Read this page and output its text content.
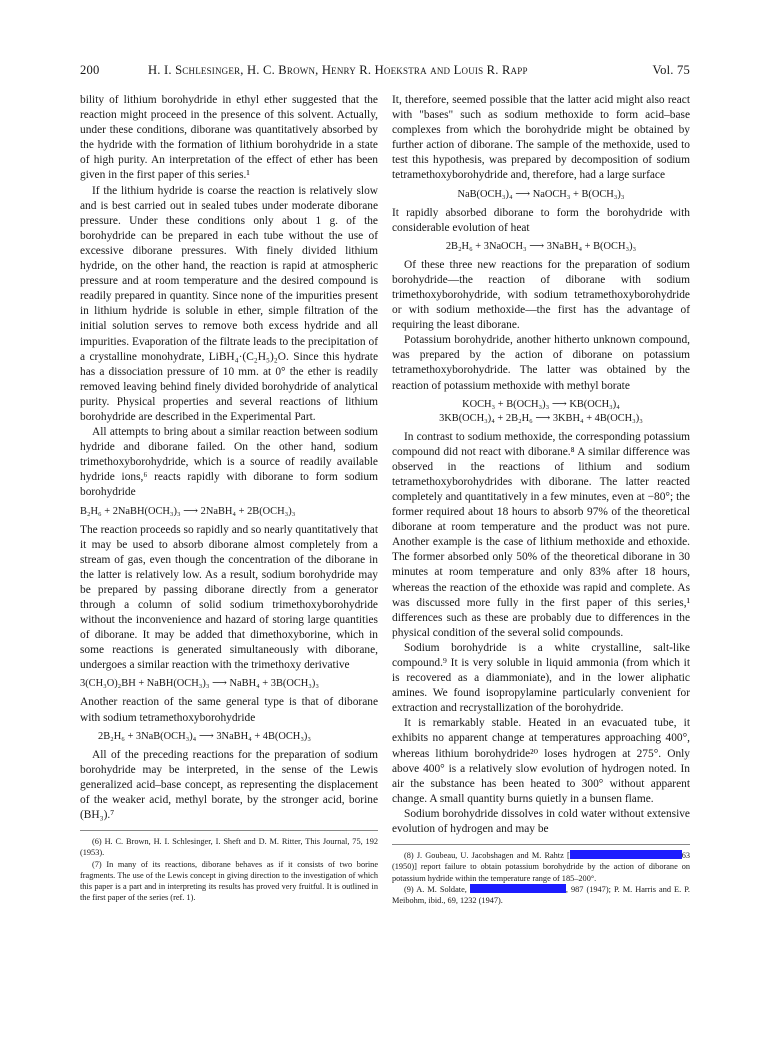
200	H. I. Schlesinger, H. C. Brown, Henry R. Hoekstra and Louis R. Rapp	Vol. 75

bility of lithium borohydride in ethyl ether suggested that the reaction might proceed in the presence of this solvent. Actually, under these conditions, diborane was quantitatively absorbed by the hydride with the formation of lithium borohydride in a state of high purity. An interpretation of the effect of ether has been given in the first paper of this series.¹

If the lithium hydride is coarse the reaction is relatively slow and is best carried out in sealed tubes under moderate diborane pressure. Under these conditions only about 1 g. of the borohydride can be prepared in each tube without the use of excessive diborane pressures. With finely divided lithium hydride, on the other hand, the reaction is rapid at atmospheric pressure and at room temperature and the desired compound is readily prepared in quantity. Since none of the impurities present in lithium hydride is soluble in ether, simple filtration of the initial solution serves to remove both excess hydride and all impurities. Evaporation of the filtrate leads to the precipitation of a crystalline monohydrate, LiBH₄·(C₂H₅)₂O. Since this hydrate has a dissociation pressure of 10 mm. at 0° the ether is readily removed leaving behind finely divided borohydride of analytical purity. Physical properties and several reactions of lithium borohydride are described in the Experimental Part.

All attempts to bring about a similar reaction between sodium hydride and diborane failed. On the other hand, sodium trimethoxyborohydride, which is a source of readily available hydride ions,⁶ reacts rapidly with diborane to form sodium borohydride

B₂H₆ + 2NaBH(OCH₃)₃ ⟶ 2NaBH₄ + 2B(OCH₃)₃

The reaction proceeds so rapidly and so nearly quantitatively that it may be used to absorb diborane almost completely from a stream of gas, even though the concentration of the diborane in the latter is relatively low. As a result, sodium borohydride may be prepared by passing diborane directly from a generator through a column of solid sodium trimethoxyborohydride without the inconvenience and hazard of storing large quantities of diborane. It may be added that dimethoxyborine, which in some reactions is generated simultaneously with diborane, undergoes a similar reaction with the trimethoxy derivative

3(CH₃O)₂BH + NaBH(OCH₃)₃ ⟶ NaBH₄ + 3B(OCH₃)₃

Another reaction of the same general type is that of diborane with sodium tetramethoxyborohydride

2B₂H₆ + 3NaB(OCH₃)₄ ⟶ 3NaBH₄ + 4B(OCH₃)₃

All of the preceding reactions for the preparation of sodium borohydride may be interpreted, in the sense of the Lewis generalized acid–base concept, as representing the displacement of the weaker acid, methyl borate, by the stronger acid, borine (BH₃).⁷

(6) H. C. Brown, H. I. Schlesinger, I. Sheft and D. M. Ritter, This Journal, 75, 192 (1953).

(7) In many of its reactions, diborane behaves as if it consists of two borine fragments. The use of the Lewis concept in giving direction to the investigation of which this paper is a part and in interpreting its results has proved very fruitful. It is outlined in the first paper of the series (ref. 1).

It, therefore, seemed possible that the latter acid might also react with "bases" such as sodium methoxide to form acid–base complexes from which the borohydride might be obtained by further action of diborane. The sample of the methoxide, used to test this hypothesis, was prepared by decomposition of sodium tetramethoxyborohydride and, therefore, had a large surface

NaB(OCH₃)₄ ⟶ NaOCH₃ + B(OCH₃)₃

It rapidly absorbed diborane to form the borohydride with considerable evolution of heat

2B₂H₆ + 3NaOCH₃ ⟶ 3NaBH₄ + B(OCH₃)₃

Of these three new reactions for the preparation of sodium borohydride—the reaction of diborane with sodium trimethoxyborohydride, with sodium tetramethoxyborohydride or with sodium methoxide—the first has the advantage of requiring the least diborane.

Potassium borohydride, another hitherto unknown compound, was prepared by the action of diborane on potassium tetramethoxyborohydride. The latter was obtained by the reaction of potassium methoxide with methyl borate

KOCH₃ + B(OCH₃)₃ ⟶ KB(OCH₃)₄
3KB(OCH₃)₄ + 2B₂H₆ ⟶ 3KBH₄ + 4B(OCH₃)₃

In contrast to sodium methoxide, the corresponding potassium compound did not react with diborane.⁸ A similar difference was observed in the reactions of lithium and sodium tetramethoxyborohydrides with diborane. The latter reacted completely and quantitatively in a few minutes, even at −80°; the former required about 18 hours to absorb 97% of the theoretical diborane at room temperature and the product was not pure. Another example is the case of lithium methoxide and ethoxide. The former absorbed only 50% of the theoretical diborane in 30 minutes at room temperature and only 83% after 18 hours, whereas the reaction of the ethoxide was rapid and complete. As was discussed more fully in the first paper of this series,¹ differences such as these are probably due to differences in the physical condition of the several solid compounds.

Sodium borohydride is a white crystalline, salt-like compound.⁹ It is very soluble in liquid ammonia (from which it is recovered as a diammoniate), and in the lower aliphatic amines. We found isopropylamine particularly convenient for extraction and recrystallization of the borohydride.

It is remarkably stable. Heated in an evacuated tube, it exhibits no apparent change at temperatures approaching 400°, whereas lithium borohydride²⁰ loses hydrogen at 275°. Only above 400° is a relatively slow evolution of hydrogen noted. In air the substance has been heated to 300° without apparent change. A small quantity burns quietly in a bunsen flame.

Sodium borohydride dissolves in cold water without extensive evolution of hydrogen and may be

(8) J. Goubeau, U. Jacobshagen and M. Rahtz [	63 (1950)] report failure to obtain potassium borohydride by the action of diborane on potassium hydride within the temperature range of 185–200°.

(9) A. M. Soldate,	, 987 (1947); P. M. Harris and E. P. Meibohm, ibid., 69, 1232 (1947).
